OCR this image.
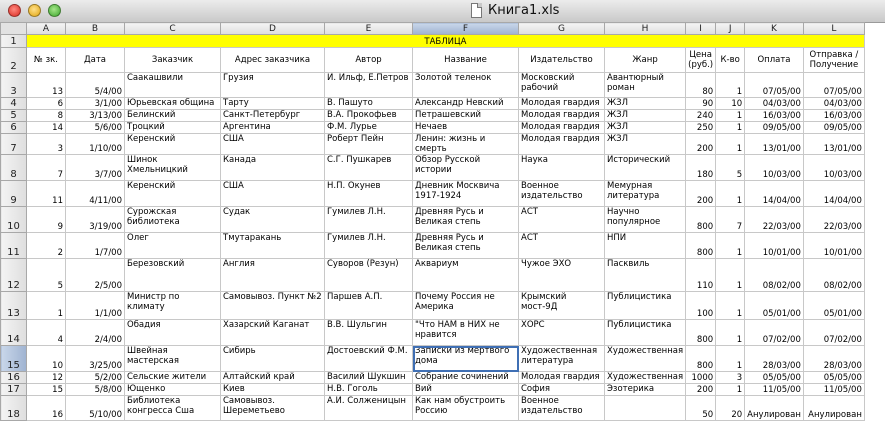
Книга1.xls
	A	B	C	D	E	F	G	H	I	J	K	L
1	ТАБЛИЦА											
2	№ зк.	Дата	Заказчик	Адрес заказчика	Автор	Название	Издательство	Жанр	Цена (руб.)	К-во	Оплата	Отправка / Получение
3	13	5/4/00	Саакашвили	Грузия	И. Ильф, Е.Петров	Золотой теленок	Московский рабочий	Авантюрный роман	80	1	07/05/00	07/05/00
4	6	3/1/00	Юрьевская община	Тарту	В. Пашуто	Александр Невский	Молодая гвардия	ЖЗЛ	90	10	04/03/00	04/03/00
5	8	3/13/00	Белинский	Санкт-Петербург	В.А. Прокофьев	Петрашевский	Молодая гвардия	ЖЗЛ	240	1	16/03/00	16/03/00
6	14	5/6/00	Троцкий	Аргентина	Ф.М. Лурье	Нечаев	Молодая гвардия	ЖЗЛ	250	1	09/05/00	09/05/00
7	3	1/10/00	Керенский	США	Роберт Пейн	Ленин: жизнь и смерть	Молодая гвардия	ЖЗЛ	200	1	13/01/00	13/01/00
8	7	3/7/00	Шинок Хмельницкий	Канада	С.Г. Пушкарев	Обзор Русской истории	Наука	Исторический	180	5	10/03/00	10/03/00
9	11	4/11/00	Керенский	США	Н.П. Окунев	Дневник Москвича 1917-1924	Военное издательство	Мемурная литература	200	1	14/04/00	14/04/00
10	9	3/19/00	Сурожская библиотека	Судак	Гумилев Л.Н.	Древняя Русь и Великая степь	АСТ	Научно популярное	800	7	22/03/00	22/03/00
11	2	1/7/00	Олег	Тмутаракань	Гумилев Л.Н.	Древняя Русь и Великая степь	АСТ	НПИ	800	1	10/01/00	10/01/00
12	5	2/5/00	Березовский	Англия	Суворов (Резун)	Аквариум	Чужое ЭХО	Пасквиль	110	1	08/02/00	08/02/00
13	1	1/1/00	Министр по климату	Самовывоз. Пункт №2	Паршев А.П.	Почему Россия не Америка	Крымский мост-9Д	Публицистика	100	1	05/01/00	05/01/00
14	4	2/4/00	Обадия	Хазарский Каганат	В.В. Шульгин	"Что НАМ в НИХ не нравится	ХОРС	Публицистика	800	1	07/02/00	07/02/00
15	10	3/25/00	Швейная мастерская	Сибирь	Достоевский Ф.М.	Записки из мертвого дома	Художественная литература	Художественная	800	1	28/03/00	28/03/00
16	12	5/2/00	Сельские жители	Алтайский край	Василий Шукшин	Собрание сочинений	Молодая гвардия	Художественная	1000	3	05/05/00	05/05/00
17	15	5/8/00	Ющенко	Киев	Н.В. Гоголь	Вий	София	Эзотерика	200	1	11/05/00	11/05/00
18	16	5/10/00	Библиотека конгресса Сша	Самовывоз. Шереметьево	А.И. Солженицын	Как нам обустроить Россию	Военное издательство		50	20	Анулирован	Анулирован
